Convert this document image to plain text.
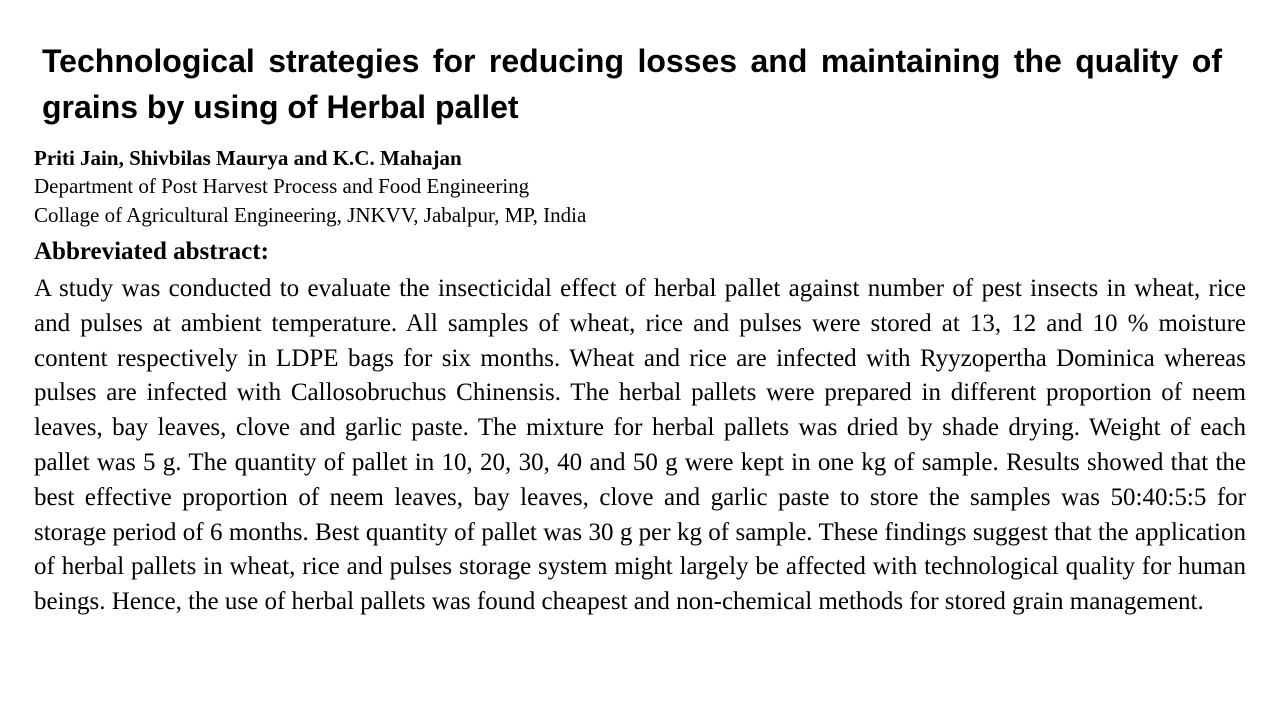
Technological strategies for reducing losses and maintaining the quality of grains by using of Herbal pallet

Priti Jain, Shivbilas Maurya and K.C. Mahajan

Department of Post Harvest Process and Food Engineering

Collage of Agricultural Engineering, JNKVV, Jabalpur, MP, India

Abbreviated abstract:

A study was conducted to evaluate the insecticidal effect of herbal pallet against number of pest insects in wheat, rice and pulses at ambient temperature. All samples of wheat, rice and pulses were stored at 13, 12 and 10 % moisture content respectively in LDPE bags for six months. Wheat and rice are infected with Ryyzopertha Dominica whereas pulses are infected with Callosobruchus Chinensis. The herbal pallets were prepared in different proportion of neem leaves, bay leaves, clove and garlic paste. The mixture for herbal pallets was dried by shade drying. Weight of each pallet was 5 g. The quantity of pallet in 10, 20, 30, 40 and 50 g were kept in one kg of sample. Results showed that the best effective proportion of neem leaves, bay leaves, clove and garlic paste to store the samples was 50:40:5:5 for storage period of 6 months. Best quantity of pallet was 30 g per kg of sample. These findings suggest that the application of herbal pallets in wheat, rice and pulses storage system might largely be affected with technological quality for human beings. Hence, the use of herbal pallets was found cheapest and non-chemical methods for stored grain management.
